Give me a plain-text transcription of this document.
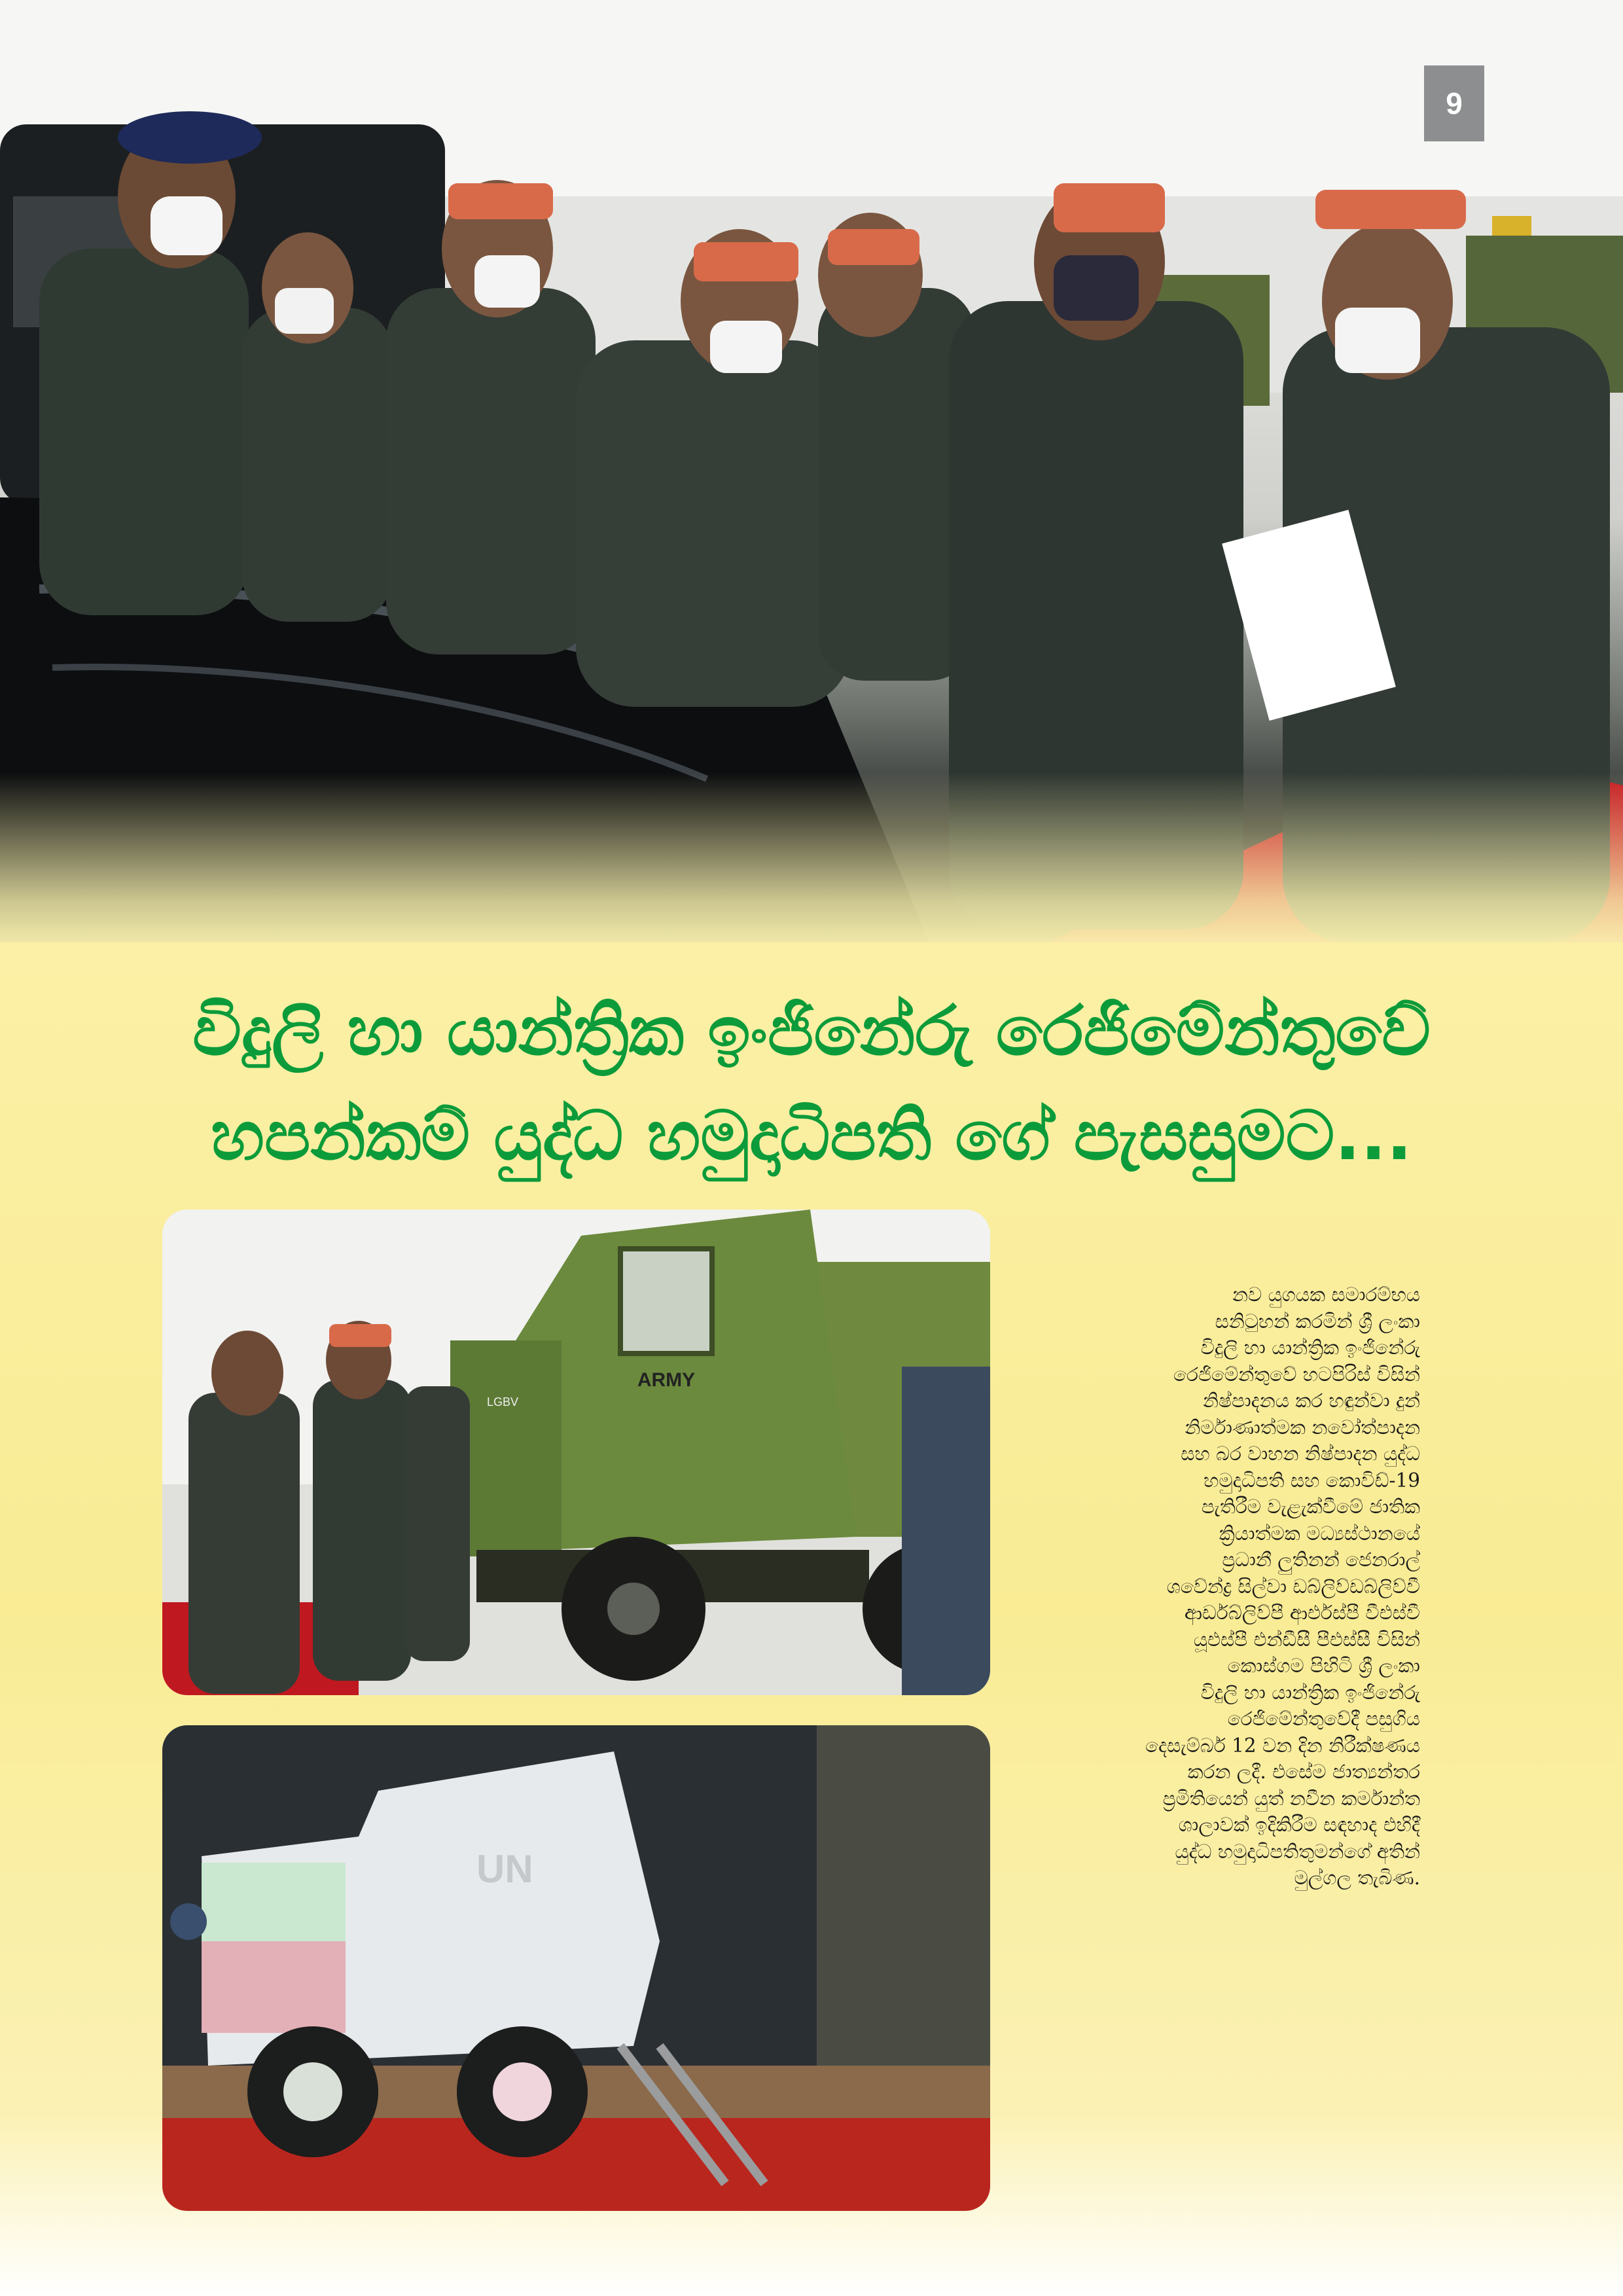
9
විදුලි හා යාන්ත්‍රික ඉංජිනේරු රෙජිමේන්තුවේ
හපන්කම් යුද්ධ හමුදාධිපති ගේ පැසසුමට...
ARMY
LGBV
UN
නව යුගයක සමාරම්භය
සනිටුහන් කරමින් ශ්‍රී ලංකා
විදුලි හා යාන්ත්‍රික ඉංජිනේරු
රෙජිමේන්තුවේ හටපිරිස් විසින්
නිෂ්පාදනය කර හඳුන්වා දුන්
නිර්මාණාත්මක නවෝත්පාදන
සහ බර වාහන නිෂ්පාදන යුද්ධ
හමුදාධිපති සහ කොවිඩ්-19
පැතිරීම වැළැක්වීමේ ජාතික
ක්‍රියාත්මක මධ්‍යස්ථානයේ
ප්‍රධානී ලුතිනන් ජෙනරාල්
ශවේන්ද්‍ර සිල්වා ඩබ්ලිව්ඩබ්ලිව්වී
ආර්ඩබ්ලිව්පී ආර්එස්පී වීඑස්වී
යූඑස්පී එන්ඩීසී පීඑස්සී විසින්
කොස්ගම පිහිටි ශ්‍රී ලංකා
විදුලි හා යාන්ත්‍රික ඉංජිනේරු
රෙජිමේන්තුවේදී පසුගිය
දෙසැම්බර් 12 වන දින නිරීක්ෂණය
කරන ලදී. එසේම ජාත්‍යන්තර
ප්‍රමිතියෙන් යුත් නවීන කර්මාන්ත
ශාලාවක් ඉදිකිරීම සඳහාද එහිදී
යුද්ධ හමුදාධිපතිතුමන්ගේ අතින්
මුල්ගල තැබිණ.
